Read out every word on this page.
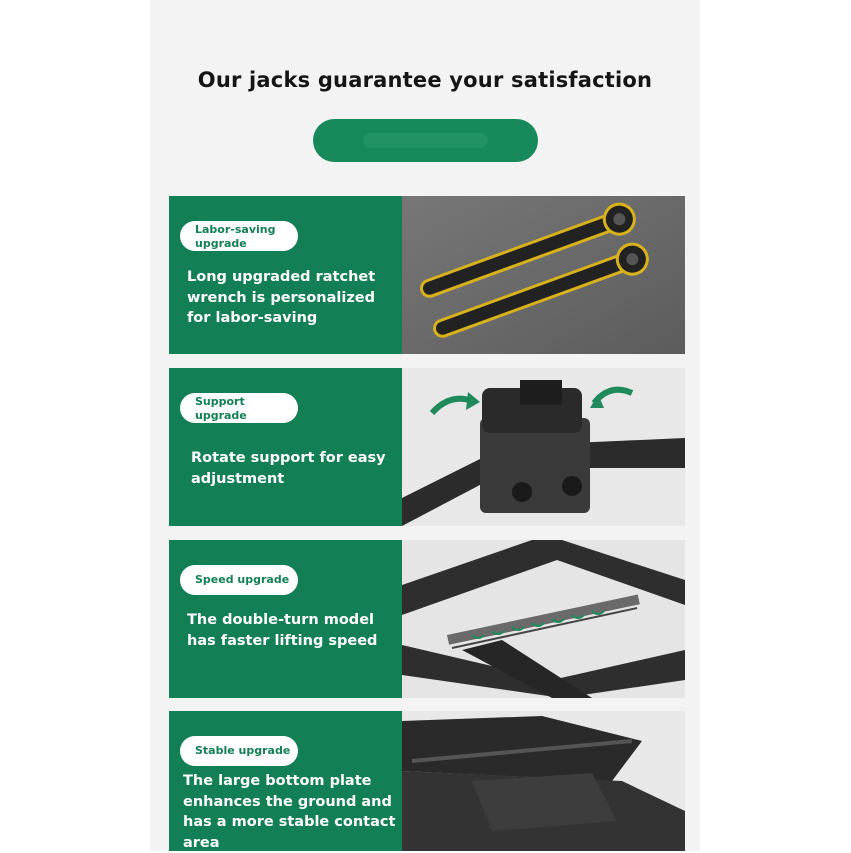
Our jacks guarantee your satisfaction
Labor-saving upgrade
Long upgraded ratchet wrench is personalized for labor-saving
Support upgrade
Rotate support for easy adjustment
Speed upgrade
The double-turn model has faster lifting speed
Stable upgrade
The large bottom plate enhances the ground and has a more stable contact area
